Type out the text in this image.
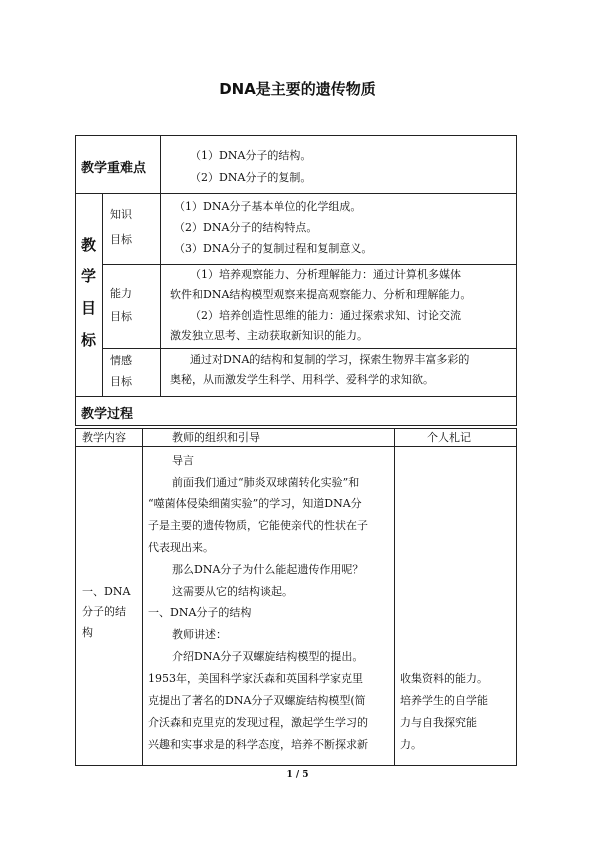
DNA是主要的遗传物质
教学重难点
（1）DNA分子的结构。
（2）DNA分子的复制。
教
学
目
标
知识
目标
（1）DNA分子基本单位的化学组成。
（2）DNA分子的结构特点。
（3）DNA分子的复制过程和复制意义。
能力
目标
（1）培养观察能力、分析理解能力：通过计算机多媒体
软件和DNA结构模型观察来提高观察能力、分析和理解能力。
（2）培养创造性思维的能力：通过探索求知、讨论交流
激发独立思考、主动获取新知识的能力。
情感
目标
通过对DNA的结构和复制的学习，探索生物界丰富多彩的
奥秘，从而激发学生科学、用科学、爱科学的求知欲。
教学过程
教学内容	教师的组织和引导	个人札记
一、DNA
分子的结
构
导言
前面我们通过“肺炎双球菌转化实验”和
“噬菌体侵染细菌实验”的学习，知道DNA分
子是主要的遗传物质，它能使亲代的性状在子
代表现出来。
那么DNA分子为什么能起遗传作用呢？
这需要从它的结构谈起。
一、DNA分子的结构
教师讲述：
介绍DNA分子双螺旋结构模型的提出。
1953年，美国科学家沃森和英国科学家克里
克提出了著名的DNA分子双螺旋结构模型(简
介沃森和克里克的发现过程，激起学生学习的
兴趣和实事求是的科学态度，培养不断探求新
收集资料的能力。
培养学生的自学能
力与自我探究能
力。
1 / 5
